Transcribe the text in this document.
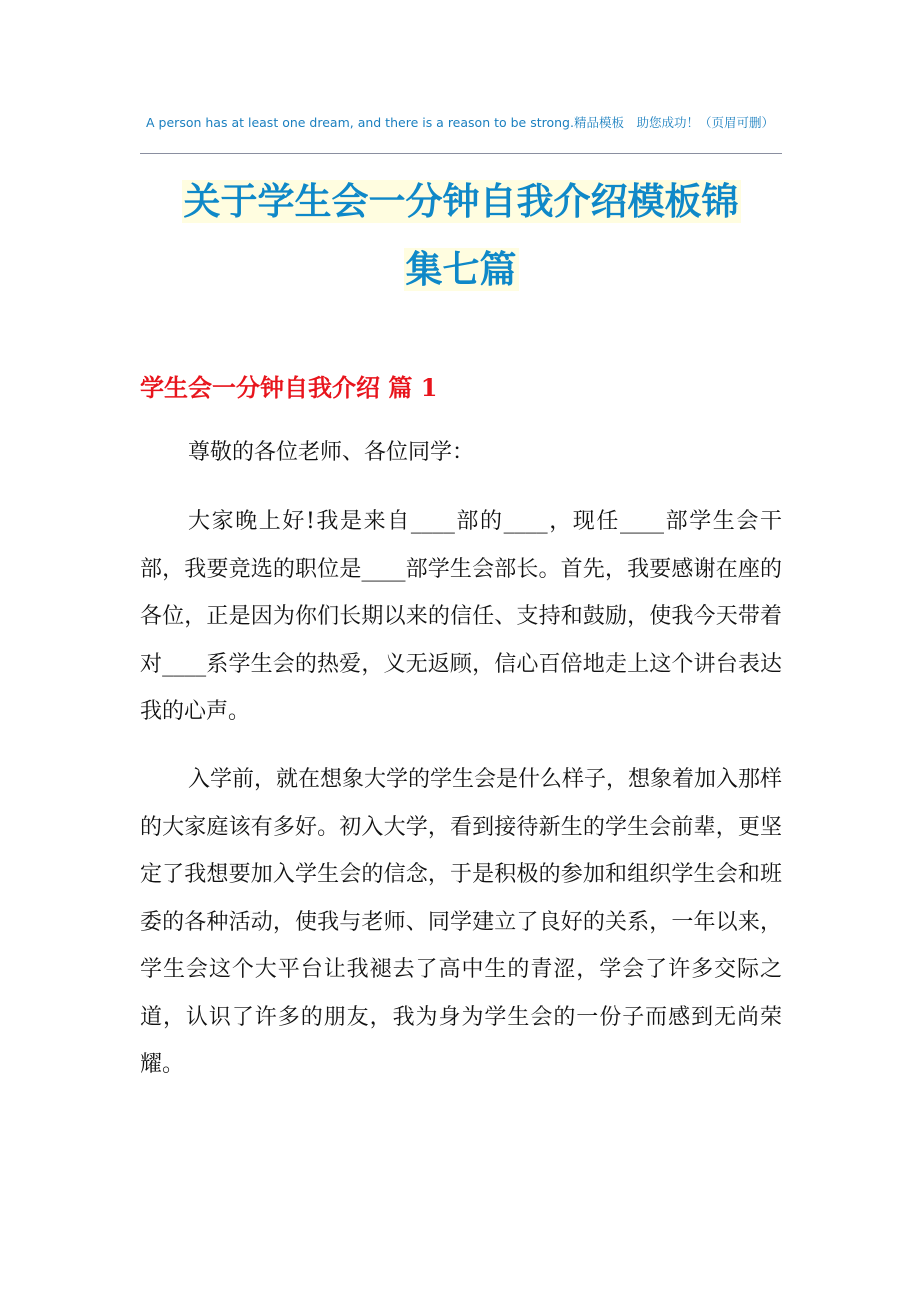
A person has at least one dream, and there is a reason to be strong.精品模板　助您成功！（页眉可删）
关于学生会一分钟自我介绍模板锦
集七篇
学生会一分钟自我介绍 篇 1

尊敬的各位老师、各位同学：

大家晚上好!我是来自____部的____，现任____部学生会干部，我要竞选的职位是____部学生会部长。首先，我要感谢在座的各位，正是因为你们长期以来的信任、支持和鼓励，使我今天带着对____系学生会的热爱，义无返顾，信心百倍地走上这个讲台表达我的心声。

入学前，就在想象大学的学生会是什么样子，想象着加入那样的大家庭该有多好。初入大学，看到接待新生的学生会前辈，更坚定了我想要加入学生会的信念，于是积极的参加和组织学生会和班委的各种活动，使我与老师、同学建立了良好的关系，一年以来，学生会这个大平台让我褪去了高中生的青涩，学会了许多交际之道，认识了许多的朋友，我为身为学生会的一份子而感到无尚荣耀。
